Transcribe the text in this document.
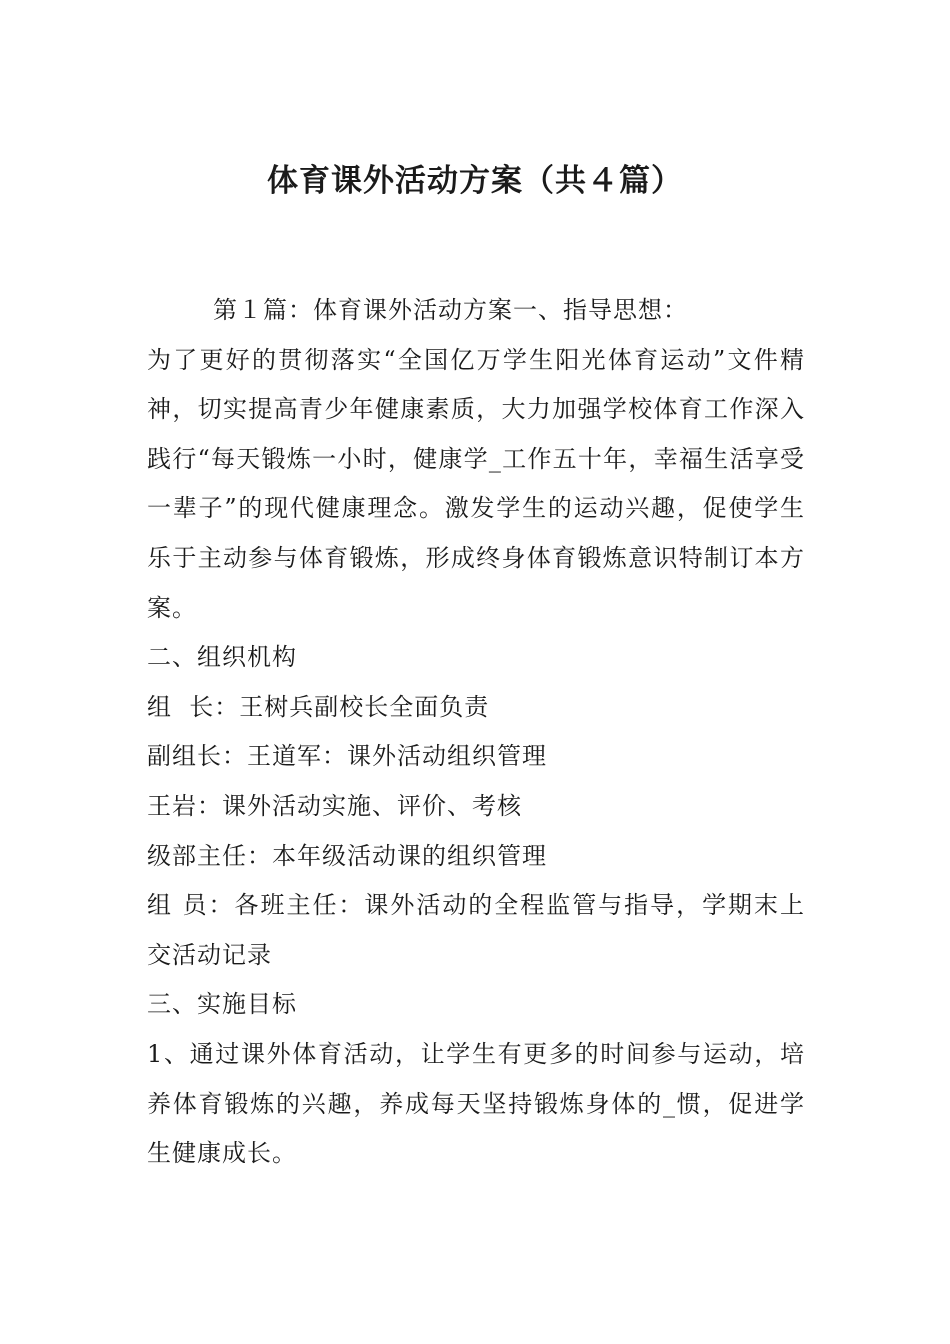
体育课外活动方案（共４篇）

第１篇：体育课外活动方案一、指导思想：

为了更好的贯彻落实“全国亿万学生阳光体育运动”文件精神，切实提高青少年健康素质，大力加强学校体育工作深入践行“每天锻炼一小时，健康学_工作五十年，幸福生活享受一辈子”的现代健康理念。激发学生的运动兴趣，促使学生乐于主动参与体育锻炼，形成终身体育锻炼意识特制订本方案。

二、组织机构

组  长：王树兵副校长全面负责

副组长：王道军：课外活动组织管理

王岩：课外活动实施、评价、考核

级部主任：本年级活动课的组织管理

组 员：各班主任：课外活动的全程监管与指导，学期末上交活动记录

三、实施目标

1、通过课外体育活动，让学生有更多的时间参与运动，培养体育锻炼的兴趣，养成每天坚持锻炼身体的_惯，促进学生健康成长。
